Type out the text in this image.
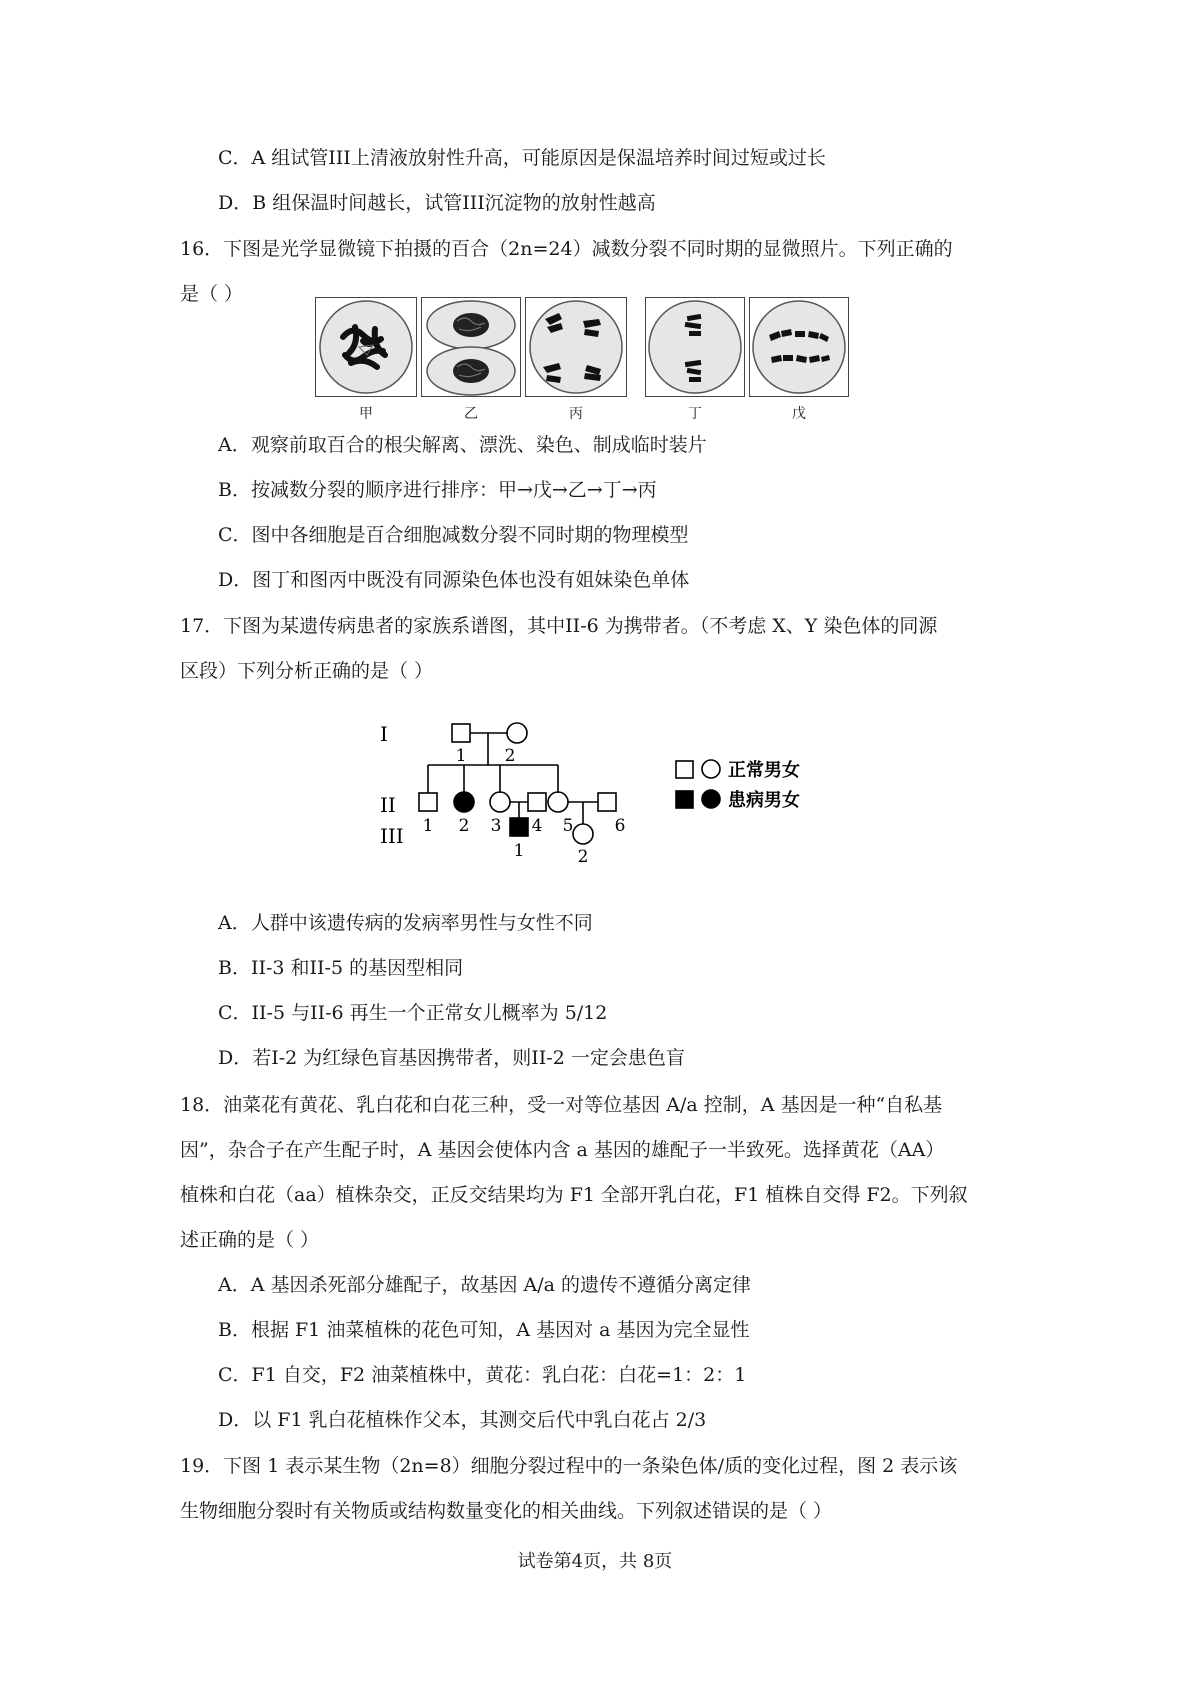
C．A 组试管III上清液放射性升高，可能原因是保温培养时间过短或过长
D．B 组保温时间越长，试管III沉淀物的放射性越高
16．下图是光学显微镜下拍摄的百合（2n=24）减数分裂不同时期的显微照片。下列正确的
是（ ）
甲	乙	丙	丁	戊
A．观察前取百合的根尖解离、漂洗、染色、制成临时装片
B．按减数分裂的顺序进行排序：甲→戊→乙→丁→丙
C．图中各细胞是百合细胞减数分裂不同时期的物理模型
D．图丁和图丙中既没有同源染色体也没有姐妹染色单体
17．下图为某遗传病患者的家族系谱图，其中II-6 为携带者。（不考虑 X、Y 染色体的同源
区段）下列分析正确的是（ ）
I
II
III
1 2
1 2 3 4 5 6
1	2
正常男女
患病男女
A．人群中该遗传病的发病率男性与女性不同
B．II-3 和II-5 的基因型相同
C．II-5 与II-6 再生一个正常女儿概率为 5/12
D．若I-2 为红绿色盲基因携带者，则II-2 一定会患色盲
18．油菜花有黄花、乳白花和白花三种，受一对等位基因 A/a 控制，A 基因是一种“自私基
因”，杂合子在产生配子时，A 基因会使体内含 a 基因的雄配子一半致死。选择黄花（AA）
植株和白花（aa）植株杂交，正反交结果均为 F1 全部开乳白花，F1 植株自交得 F2。下列叙
述正确的是（ ）
A．A 基因杀死部分雄配子，故基因 A/a 的遗传不遵循分离定律
B．根据 F1 油菜植株的花色可知，A 基因对 a 基因为完全显性
C．F1 自交，F2 油菜植株中，黄花：乳白花：白花=1：2：1
D．以 F1 乳白花植株作父本，其测交后代中乳白花占 2/3
19．下图 1 表示某生物（2n=8）细胞分裂过程中的一条染色体/质的变化过程，图 2 表示该
生物细胞分裂时有关物质或结构数量变化的相关曲线。下列叙述错误的是（ ）
试卷第4页，共 8页
